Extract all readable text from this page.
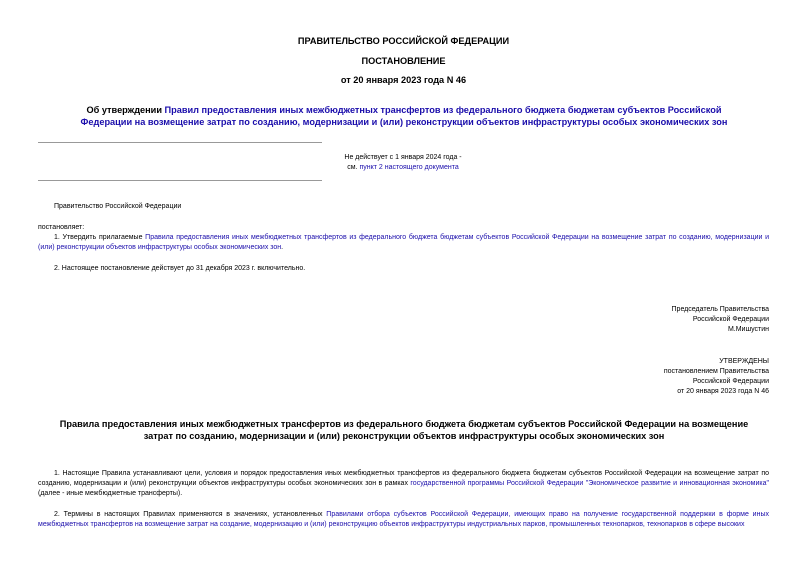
ПРАВИТЕЛЬСТВО РОССИЙСКОЙ ФЕДЕРАЦИИ
ПОСТАНОВЛЕНИЕ
от 20 января 2023 года N 46
Об утверждении Правил предоставления иных межбюджетных трансфертов из федерального бюджета бюджетам субъектов Российской Федерации на возмещение затрат по созданию, модернизации и (или) реконструкции объектов инфраструктуры особых экономических зон

Не действует с 1 января 2024 года -

см. пункт 2 настоящего документа

Правительство Российской Федерации
постановляет:
1. Утвердить прилагаемые Правила предоставления иных межбюджетных трансфертов из федерального бюджета бюджетам субъектов Российской Федерации на возмещение затрат по созданию, модернизации и (или) реконструкции объектов инфраструктуры особых экономических зон.
2. Настоящее постановление действует до 31 декабря 2023 г. включительно.

Председатель Правительства

Российской Федерации

М.Мишустин

УТВЕРЖДЕНЫ

постановлением Правительства

Российской Федерации

от 20 января 2023 года N 46

Правила предоставления иных межбюджетных трансфертов из федерального бюджета бюджетам субъектов Российской Федерации на возмещение затрат по созданию, модернизации и (или) реконструкции объектов инфраструктуры особых экономических зон
1. Настоящие Правила устанавливают цели, условия и порядок предоставления иных межбюджетных трансфертов из федерального бюджета бюджетам субъектов Российской Федерации на возмещение затрат по созданию, модернизации и (или) реконструкции объектов инфраструктуры особых экономических зон в рамках государственной программы Российской Федерации "Экономическое развитие и инновационная экономика" (далее - иные межбюджетные трансферты).
2. Термины в настоящих Правилах применяются в значениях, установленных Правилами отбора субъектов Российской Федерации, имеющих право на получение государственной поддержки в форме иных межбюджетных трансфертов на возмещение затрат на создание, модернизацию и (или) реконструкцию объектов инфраструктуры индустриальных парков, промышленных технопарков, технопарков в сфере высоких
